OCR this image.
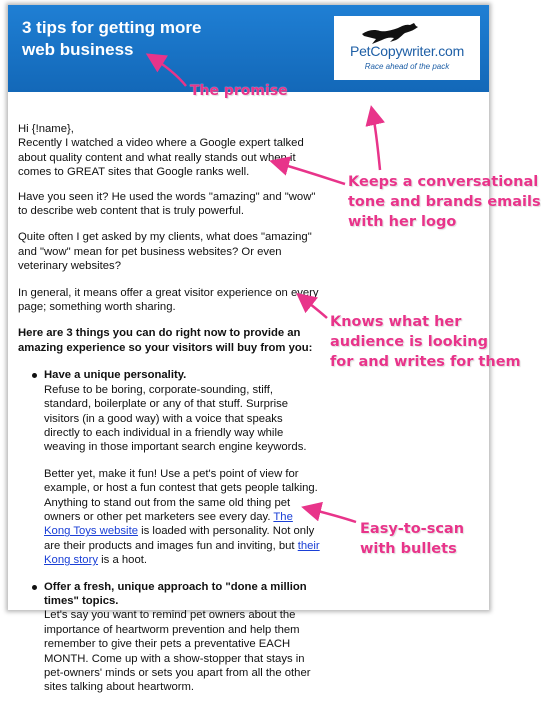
3 tips for getting more
web business	PetCopywriter.com
Race ahead of the pack

Hi {!name},
Recently I watched a video where a Google expert talked about quality content and what really stands out when it comes to GREAT sites that Google ranks well.

Have you seen it? He used the words "amazing" and "wow" to describe web content that is truly powerful.

Quite often I get asked by my clients, what does "amazing" and "wow" mean for pet business websites? Or even veterinary websites?

In general, it means offer a great visitor experience on every page; something worth sharing.

Here are 3 things you can do right now to provide an amazing experience so your visitors will buy from you:

Have a unique personality.

Refuse to be boring, corporate-sounding, stiff, standard, boilerplate or any of that stuff. Surprise visitors (in a good way) with a voice that speaks directly to each individual in a friendly way while weaving in those important search engine keywords.

Better yet, make it fun! Use a pet's point of view for example, or host a fun contest that gets people talking. Anything to stand out from the same old thing pet owners or other pet marketers see every day. The Kong Toys website is loaded with personality. Not only are their products and images fun and inviting, but their Kong story is a hoot.

Offer a fresh, unique approach to "done a million times" topics.

Let's say you want to remind pet owners about the importance of heartworm prevention and help them remember to give their pets a preventative EACH MONTH. Come up with a show-stopper that stays in pet-owners' minds or sets you apart from all the other sites talking about heartworm.

The promise
Keeps a conversational
tone and brands emails
with her logo
Knows what her
audience is looking
for and writes for them
Easy-to-scan
with bullets
